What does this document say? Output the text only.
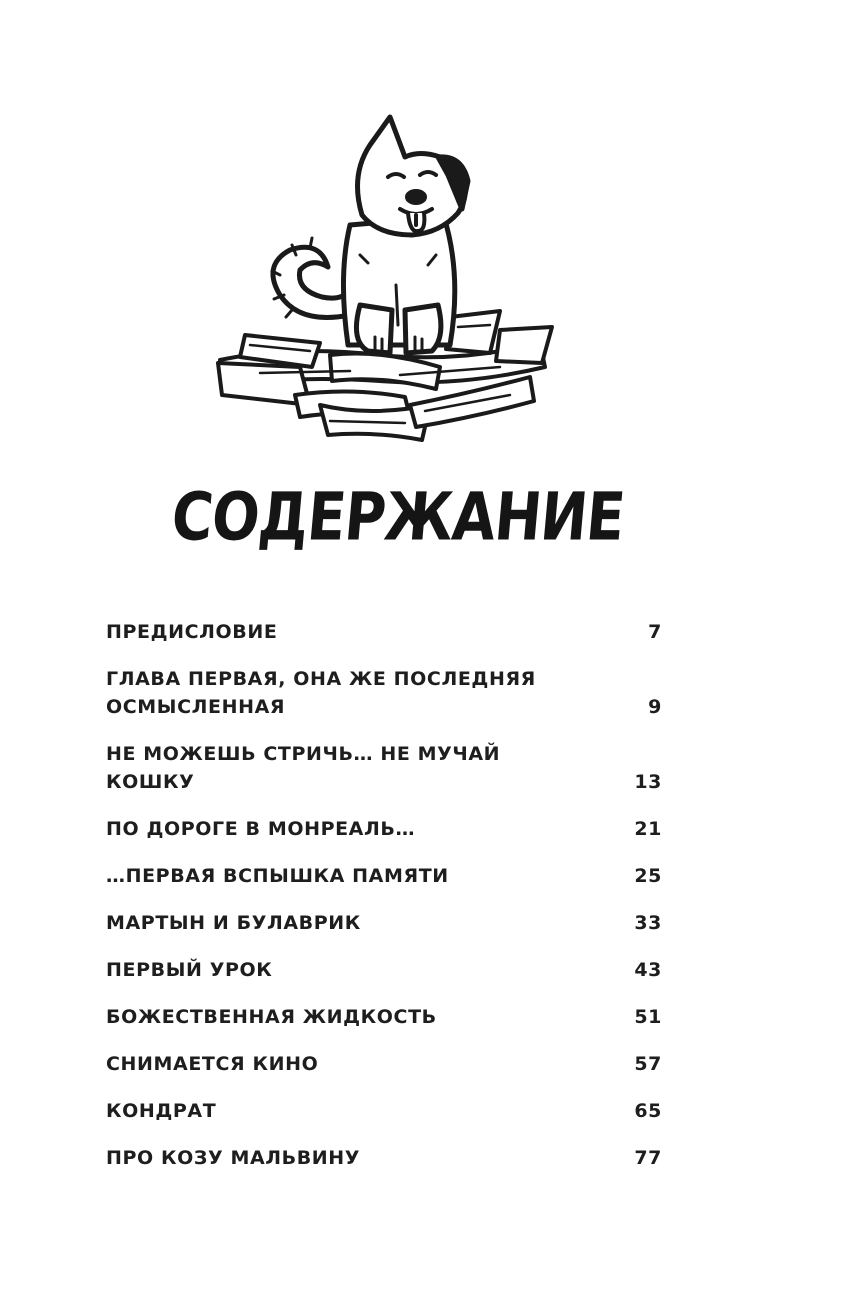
СОДЕРЖАНИЕ
ПРЕДИСЛОВИЕ	7
ГЛАВА ПЕРВАЯ, ОНА ЖЕ ПОСЛЕДНЯЯ
ОСМЫСЛЕННАЯ	9
НЕ МОЖЕШЬ СТРИЧЬ… НЕ МУЧАЙ КОШКУ	13
ПО ДОРОГЕ В МОНРЕАЛЬ…	21
…ПЕРВАЯ ВСПЫШКА ПАМЯТИ	25
МАРТЫН И БУЛАВРИК	33
ПЕРВЫЙ УРОК	43
БОЖЕСТВЕННАЯ ЖИДКОСТЬ	51
СНИМАЕТСЯ КИНО	57
КОНДРАТ	65
ПРО КОЗУ МАЛЬВИНУ	77
